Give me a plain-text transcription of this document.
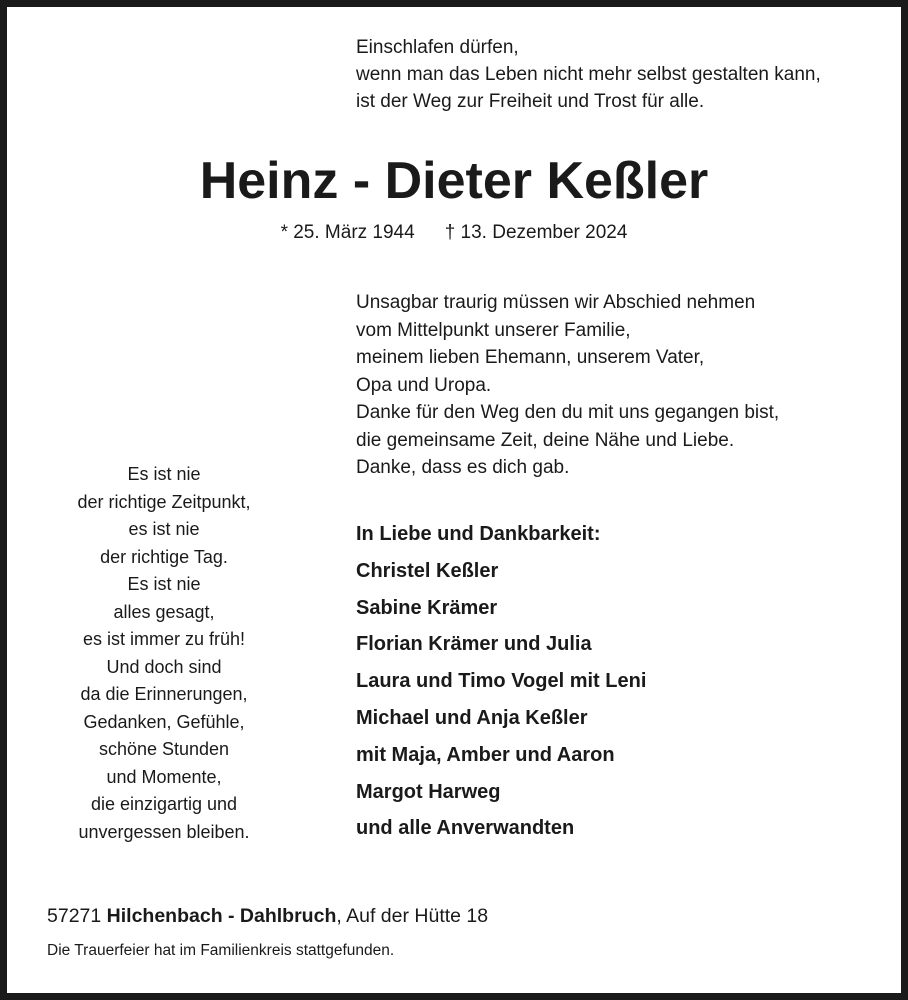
Einschlafen dürfen,
wenn man das Leben nicht mehr selbst gestalten kann,
ist der Weg zur Freiheit und Trost für alle.
Heinz - Dieter Keßler
* 25. März 1944 † 13. Dezember 2024
Unsagbar traurig müssen wir Abschied nehmen
vom Mittelpunkt unserer Familie,
meinem lieben Ehemann, unserem Vater,
Opa und Uropa.
Danke für den Weg den du mit uns gegangen bist,
die gemeinsame Zeit, deine Nähe und Liebe.
Danke, dass es dich gab.
Es ist nie
der richtige Zeitpunkt,
es ist nie
der richtige Tag.
Es ist nie
alles gesagt,
es ist immer zu früh!
Und doch sind
da die Erinnerungen,
Gedanken, Gefühle,
schöne Stunden
und Momente,
die einzigartig und
unvergessen bleiben.
In Liebe und Dankbarkeit:
Christel Keßler
Sabine Krämer
Florian Krämer und Julia
Laura und Timo Vogel mit Leni
Michael und Anja Keßler
mit Maja, Amber und Aaron
Margot Harweg
und alle Anverwandten
57271 Hilchenbach - Dahlbruch, Auf der Hütte 18
Die Trauerfeier hat im Familienkreis stattgefunden.
